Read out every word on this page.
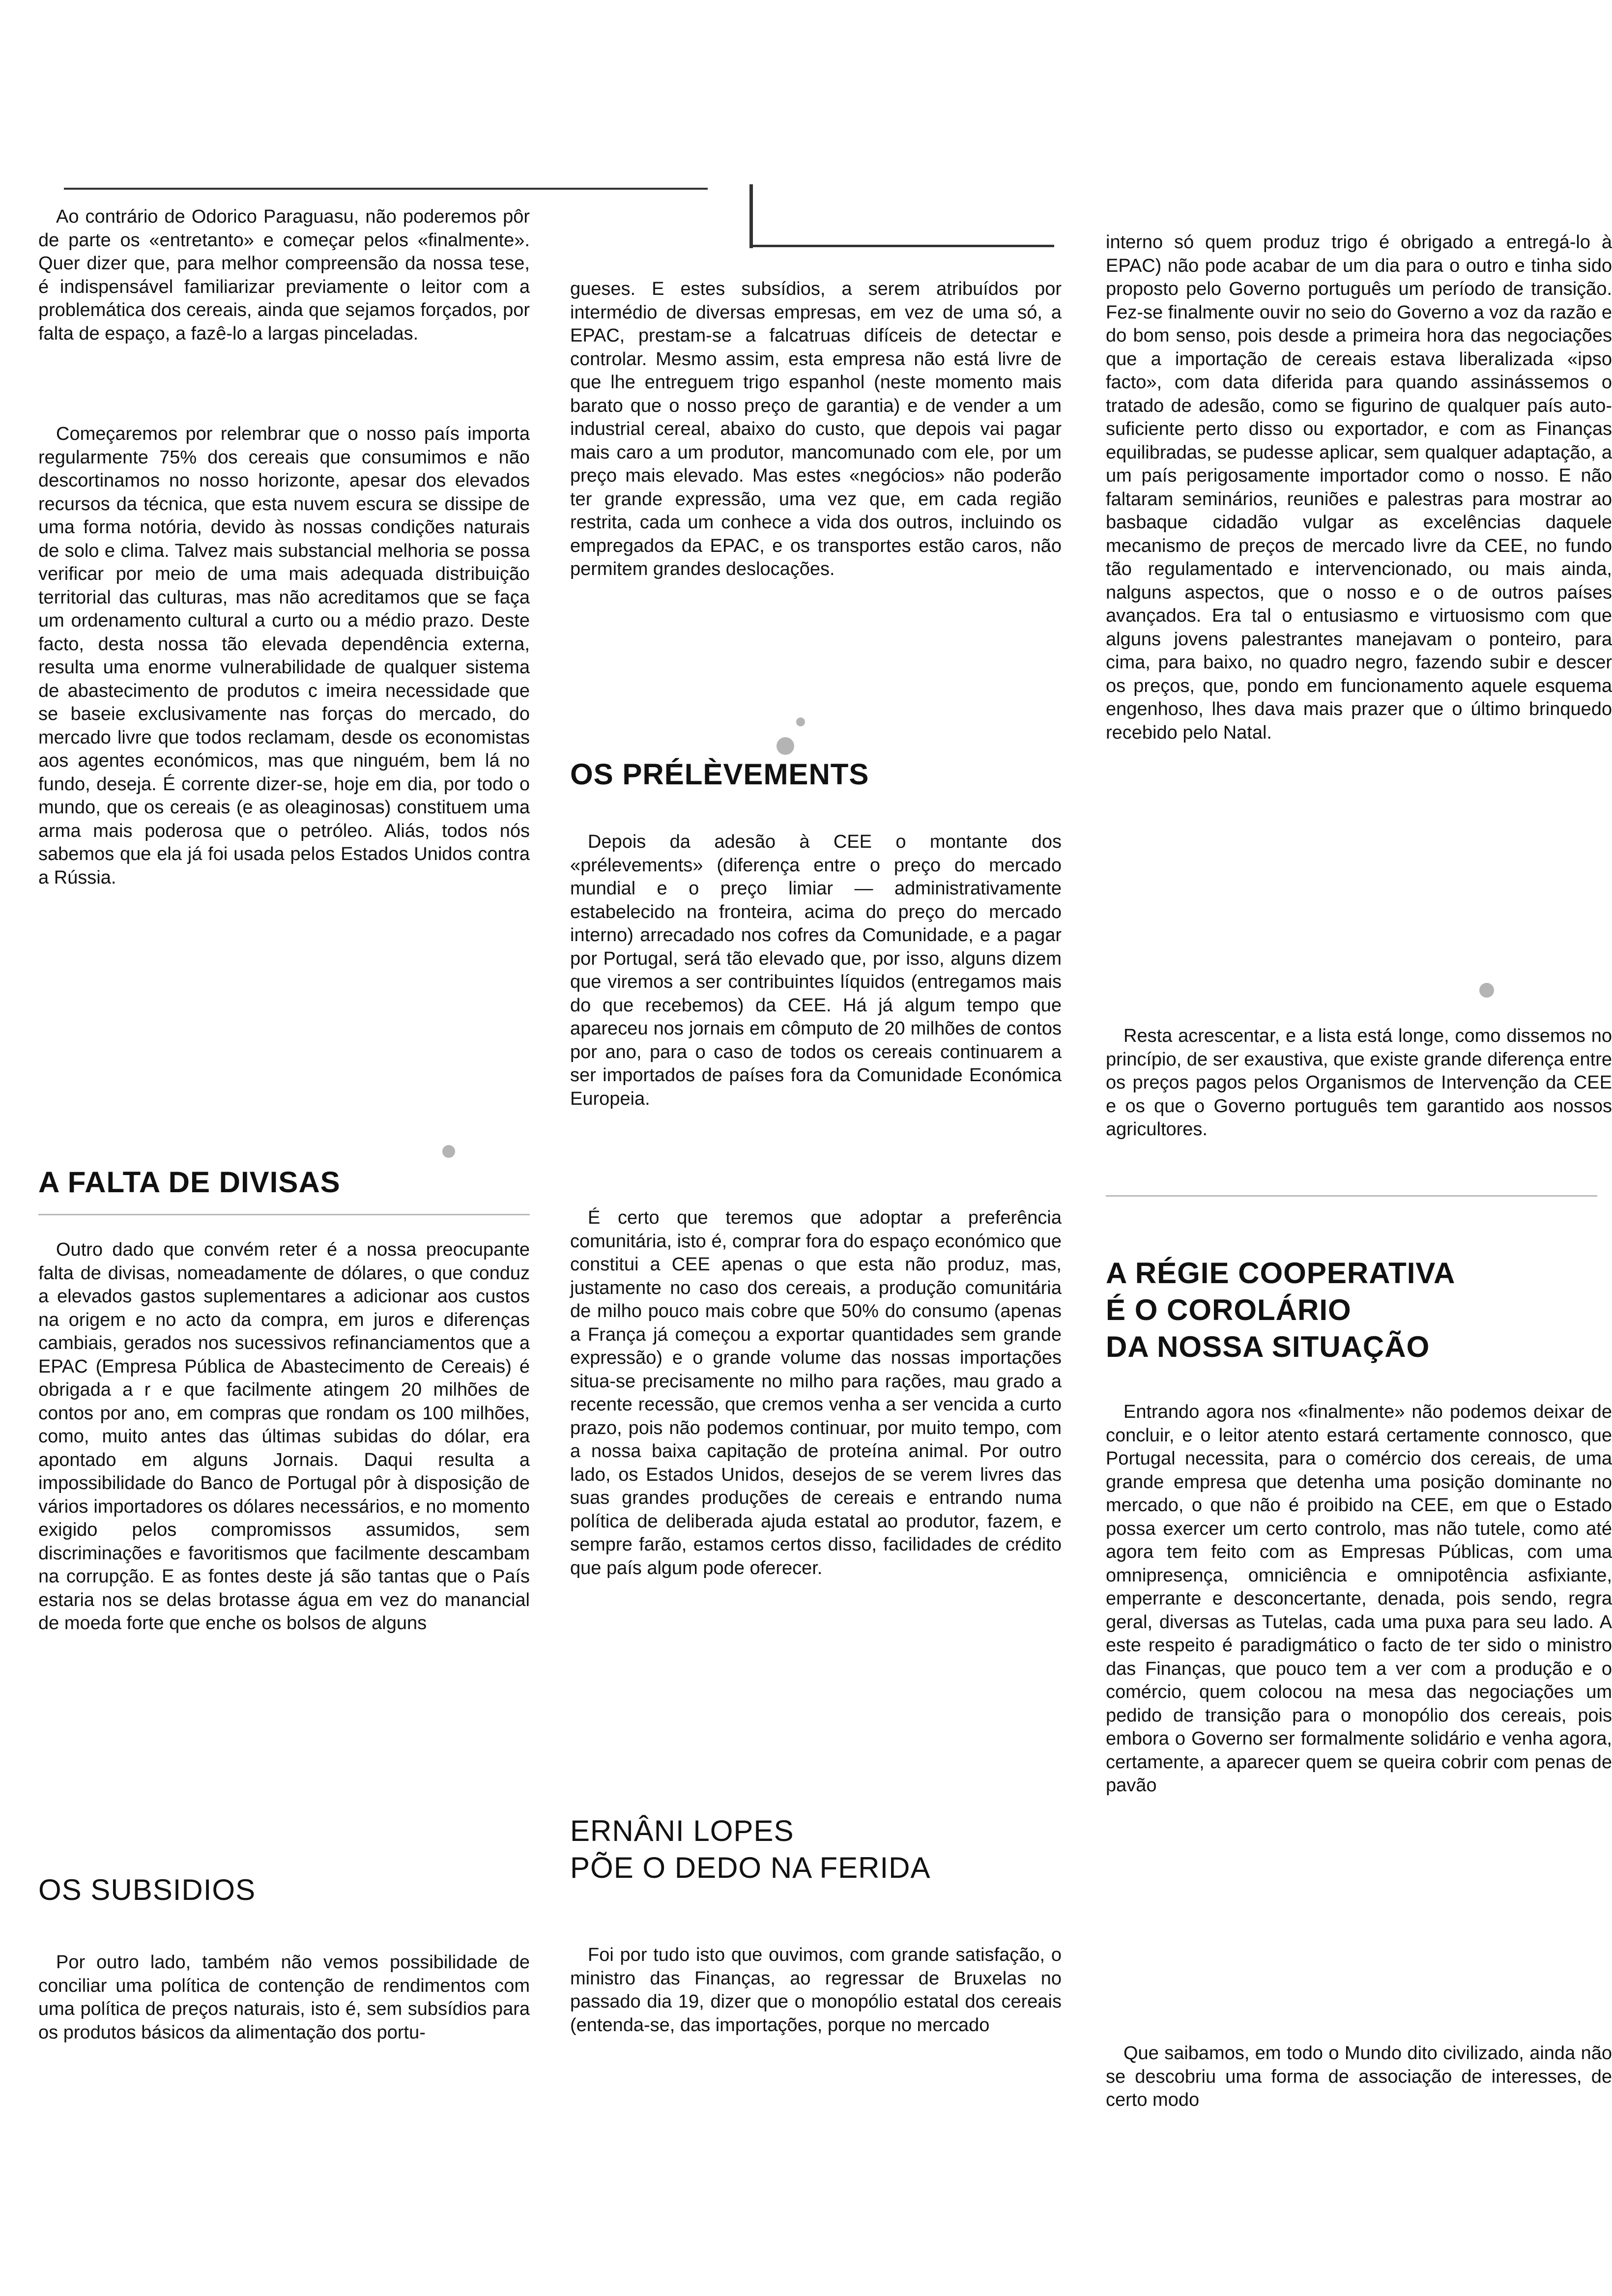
Ao contrário de Odorico Paraguasu, não poderemos pôr de parte os «entretanto» e começar pelos «finalmente». Quer dizer que, para melhor compreensão da nossa tese, é indispensável familiarizar previamente o leitor com a problemática dos cereais, ainda que sejamos forçados, por falta de espaço, a fazê-lo a largas pinceladas.

Começaremos por relembrar que o nosso país importa regularmente 75% dos cereais que consumimos e não descortinamos no nosso horizonte, apesar dos elevados recursos da técnica, que esta nuvem escura se dissipe de uma forma notória, devido às nossas condições naturais de solo e clima. Talvez mais substancial melhoria se possa verificar por meio de uma mais adequada distribuição territorial das culturas, mas não acreditamos que se faça um ordenamento cultural a curto ou a médio prazo. Deste facto, desta nossa tão elevada dependência externa, resulta uma enorme vulnerabilidade de qualquer sistema de abastecimento de produtos c imeira necessidade que se baseie exclusivamente nas forças do mercado, do mercado livre que todos reclamam, desde os economistas aos agentes económicos, mas que ninguém, bem lá no fundo, deseja. É corrente dizer-se, hoje em dia, por todo o mundo, que os cereais (e as oleaginosas) constituem uma arma mais poderosa que o petróleo. Aliás, todos nós sabemos que ela já foi usada pelos Estados Unidos contra a Rússia.

A FALTA DE DIVISAS

Outro dado que convém reter é a nossa preocupante falta de divisas, nomeadamente de dólares, o que conduz a elevados gastos suplementares a adicionar aos custos na origem e no acto da compra, em juros e diferenças cambiais, gerados nos sucessivos refinanciamentos que a EPAC (Empresa Pública de Abastecimento de Cereais) é obrigada a r e que facilmente atingem 20 milhões de contos por ano, em compras que rondam os 100 milhões, como, muito antes das últimas subidas do dólar, era apontado em alguns Jornais. Daqui resulta a impossibilidade do Banco de Portugal pôr à disposição de vários importadores os dólares necessários, e no momento exigido pelos compromissos assumidos, sem discriminações e favoritismos que facilmente descambam na corrupção. E as fontes deste já são tantas que o País estaria nos se delas brotasse água em vez do manancial de moeda forte que enche os bolsos de alguns

OS SUBSIDIOS

Por outro lado, também não vemos possibilidade de conciliar uma política de contenção de rendimentos com uma política de preços naturais, isto é, sem subsídios para os produtos básicos da alimentação dos portu-

gueses. E estes subsídios, a serem atribuídos por intermédio de diversas empresas, em vez de uma só, a EPAC, prestam-se a falcatruas difíceis de detectar e controlar. Mesmo assim, esta empresa não está livre de que lhe entreguem trigo espanhol (neste momento mais barato que o nosso preço de garantia) e de vender a um industrial cereal, abaixo do custo, que depois vai pagar mais caro a um produtor, mancomunado com ele, por um preço mais elevado. Mas estes «negócios» não poderão ter grande expressão, uma vez que, em cada região restrita, cada um conhece a vida dos outros, incluindo os empregados da EPAC, e os transportes estão caros, não permitem grandes deslocações.

OS PRÉLÈVEMENTS

Depois da adesão à CEE o montante dos «prélevements» (diferença entre o preço do mercado mundial e o preço limiar — administrativamente estabelecido na fronteira, acima do preço do mercado interno) arrecadado nos cofres da Comunidade, e a pagar por Portugal, será tão elevado que, por isso, alguns dizem que viremos a ser contribuintes líquidos (entregamos mais do que recebemos) da CEE. Há já algum tempo que apareceu nos jornais em cômputo de 20 milhões de contos por ano, para o caso de todos os cereais continuarem a ser importados de países fora da Comunidade Económica Europeia.

É certo que teremos que adoptar a preferência comunitária, isto é, comprar fora do espaço económico que constitui a CEE apenas o que esta não produz, mas, justamente no caso dos cereais, a produção comunitária de milho pouco mais cobre que 50% do consumo (apenas a França já começou a exportar quantidades sem grande expressão) e o grande volume das nossas importações situa-se precisamente no milho para rações, mau grado a recente recessão, que cremos venha a ser vencida a curto prazo, pois não podemos continuar, por muito tempo, com a nossa baixa capitação de proteína animal. Por outro lado, os Estados Unidos, desejos de se verem livres das suas grandes produções de cereais e entrando numa política de deliberada ajuda estatal ao produtor, fazem, e sempre farão, estamos certos disso, facilidades de crédito que país algum pode oferecer.

ERNÂNI LOPES
PÕE O DEDO NA FERIDA

Foi por tudo isto que ouvimos, com grande satisfação, o ministro das Finanças, ao regressar de Bruxelas no passado dia 19, dizer que o monopólio estatal dos cereais (entenda-se, das importações, porque no mercado

interno só quem produz trigo é obrigado a entregá-lo à EPAC) não pode acabar de um dia para o outro e tinha sido proposto pelo Governo português um período de transição. Fez-se finalmente ouvir no seio do Governo a voz da razão e do bom senso, pois desde a primeira hora das negociações que a importação de cereais estava liberalizada «ipso facto», com data diferida para quando assinássemos o tratado de adesão, como se figurino de qualquer país auto-suficiente perto disso ou exportador, e com as Finanças equilibradas, se pudesse aplicar, sem qualquer adaptação, a um país perigosamente importador como o nosso. E não faltaram seminários, reuniões e palestras para mostrar ao basbaque cidadão vulgar as excelências daquele mecanismo de preços de mercado livre da CEE, no fundo tão regulamentado e intervencionado, ou mais ainda, nalguns aspectos, que o nosso e o de outros países avançados. Era tal o entusiasmo e virtuosismo com que alguns jovens palestrantes manejavam o ponteiro, para cima, para baixo, no quadro negro, fazendo subir e descer os preços, que, pondo em funcionamento aquele esquema engenhoso, lhes dava mais prazer que o último brinquedo recebido pelo Natal.

Resta acrescentar, e a lista está longe, como dissemos no princípio, de ser exaustiva, que existe grande diferença entre os preços pagos pelos Organismos de Intervenção da CEE e os que o Governo português tem garantido aos nossos agricultores.

A RÉGIE COOPERATIVA
É O COROLÁRIO
DA NOSSA SITUAÇÃO

Entrando agora nos «finalmente» não podemos deixar de concluir, e o leitor atento estará certamente connosco, que Portugal necessita, para o comércio dos cereais, de uma grande empresa que detenha uma posição dominante no mercado, o que não é proibido na CEE, em que o Estado possa exercer um certo controlo, mas não tutele, como até agora tem feito com as Empresas Públicas, com uma omnipresença, omniciência e omnipotência asfixiante, emperrante e desconcertante, denada, pois sendo, regra geral, diversas as Tutelas, cada uma puxa para seu lado. A este respeito é paradigmático o facto de ter sido o ministro das Finanças, que pouco tem a ver com a produção e o comércio, quem colocou na mesa das negociações um pedido de transição para o monopólio dos cereais, pois embora o Governo ser formalmente solidário e venha agora, certamente, a aparecer quem se queira cobrir com penas de pavão

Que saibamos, em todo o Mundo dito civilizado, ainda não se descobriu uma forma de associação de interesses, de certo modo
